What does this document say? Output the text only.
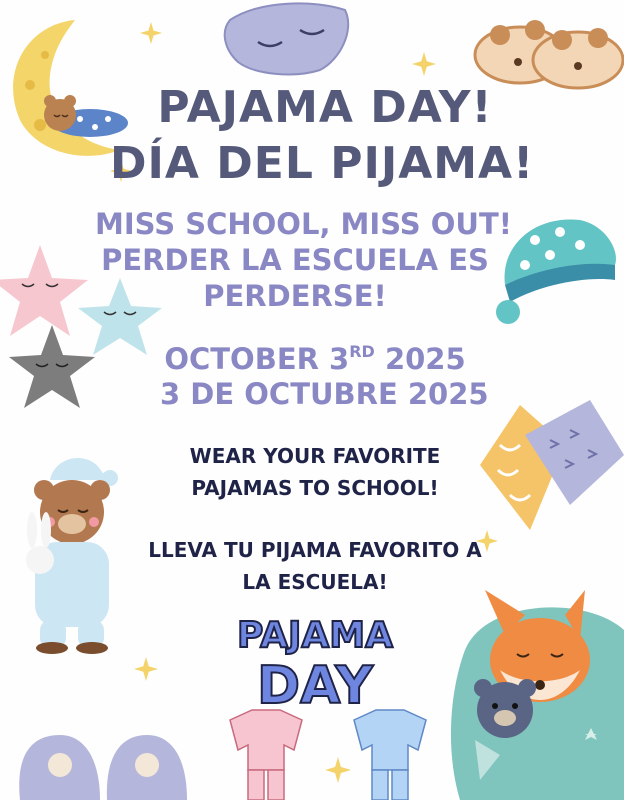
PAJAMA DAY!

DÍA DEL PIJAMA!

MISS SCHOOL, MISS OUT!

PERDER LA ESCUELA ES

PERDERSE!

OCTOBER 3RD 2025

3 DE OCTUBRE 2025

WEAR YOUR FAVORITE

PAJAMAS TO SCHOOL!

LLEVA TU PIJAMA FAVORITO A

LA ESCUELA!

PAJAMA
DAY
